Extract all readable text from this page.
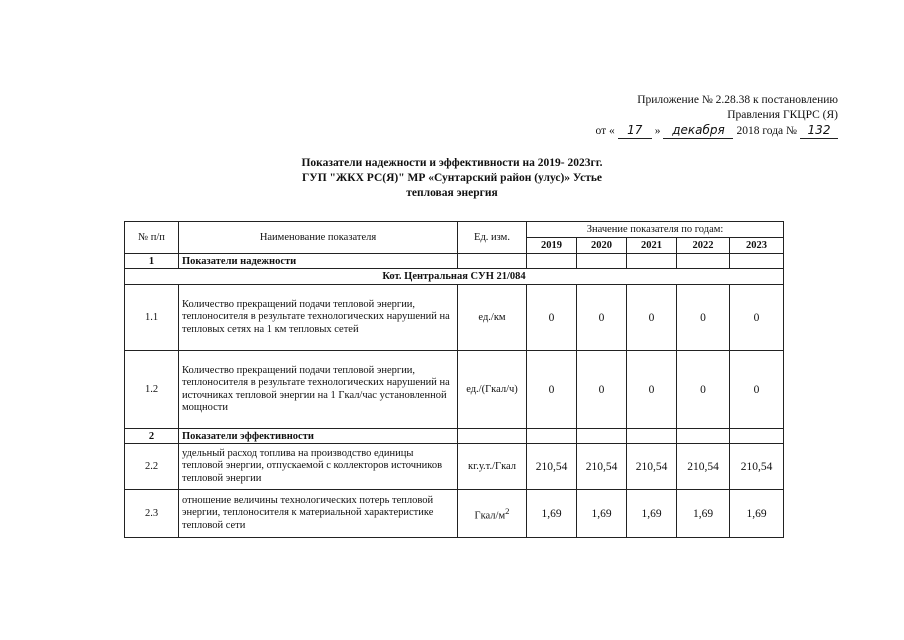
Приложение № 2.28.38 к постановлению
Правления ГКЦРС (Я)
от «	17	» декабря	2018 года № 132
Показатели надежности и эффективности на 2019- 2023гг.
ГУП "ЖКХ РС(Я)" МР «Сунтарский район (улус)» Устье
тепловая энергия
№ п/п	Наименование показателя	Ед. изм.	Значение показателя по годам:				
			2019	2020	2021	2022	2023
1	Показатели надежности						
Кот. Центральная СУН 21/084							
1.1	Количество прекращений подачи тепловой энергии, теплоносителя в результате технологических нарушений на тепловых сетях на 1 км тепловых сетей	ед./км	0	0	0	0	0
1.2	Количество прекращений подачи тепловой энергии, теплоносителя в результате технологических нарушений на источниках тепловой энергии на 1 Гкал/час установленной мощности	ед./(Гкал/ч)	0	0	0	0	0
2	Показатели эффективности						
2.2	удельный расход топлива на производство единицы тепловой энергии, отпускаемой с коллекторов источников тепловой энергии	кг.у.т./Гкал	210,54	210,54	210,54	210,54	210,54
2.3	отношение величины технологических потерь тепловой энергии, теплоносителя к материальной характеристике тепловой сети	Гкал/$м^2$	1,69	1,69	1,69	1,69	1,69
